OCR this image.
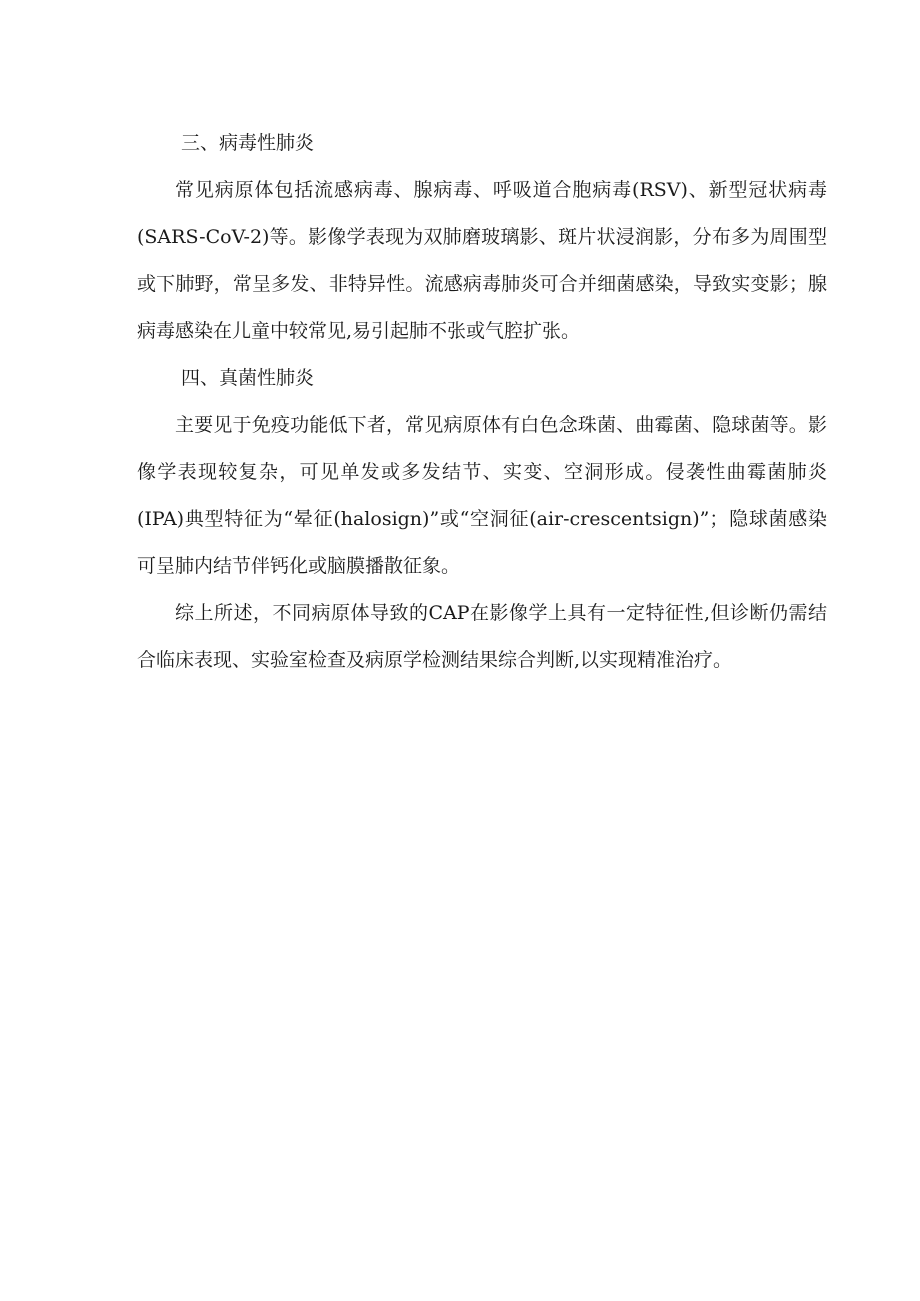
三、病毒性肺炎

常见病原体包括流感病毒、腺病毒、呼吸道合胞病毒(RSV)、新型冠状病毒(SARS-CoV-2)等。影像学表现为双肺磨玻璃影、斑片状浸润影，分布多为周围型或下肺野，常呈多发、非特异性。流感病毒肺炎可合并细菌感染，导致实变影；腺病毒感染在儿童中较常见,易引起肺不张或气腔扩张。

四、真菌性肺炎

主要见于免疫功能低下者，常见病原体有白色念珠菌、曲霉菌、隐球菌等。影像学表现较复杂，可见单发或多发结节、实变、空洞形成。侵袭性曲霉菌肺炎(IPA)典型特征为“晕征(halosign)”或“空洞征(air-crescentsign)”；隐球菌感染可呈肺内结节伴钙化或脑膜播散征象。

综上所述，不同病原体导致的CAP在影像学上具有一定特征性,但诊断仍需结合临床表现、实验室检查及病原学检测结果综合判断,以实现精准治疗。
